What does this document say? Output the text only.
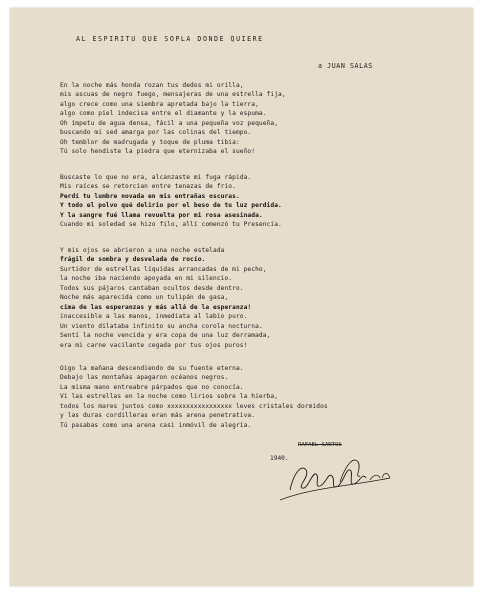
AL ESPIRITU QUE SOPLA DONDE QUIERE
a JUAN SALAS
En la noche más honda rozan tus dedos mi orilla,
mis ascuas de negro fuego, mensajeras de una estrella fija,
algo crece como una siembra apretada bajo la tierra,
algo como piel indecisa entre el diamante y la espuma.
Oh ímpetu de agua densa, fácil a una pequeña voz pequeña,
buscando mi sed amarga por las colinas del tiempo.
Oh temblor de madrugada y toque de pluma tibia:
Tú solo hendiste la piedra que eternizaba el sueño!
Buscaste lo que no era, alcanzaste mi fuga rápida.
Mis raíces se retorcían entre tenazas de frío.
Perdí tu lumbre novada en mis entrañas oscuras.
Y todo el polvo qué delirio por el beso de tu luz perdida.
Y la sangre fué llama revuelta por mi rosa asesinada.
Cuando mi soledad se hizo filo, allí comenzó tu Presencia.
Y mis ojos se abrieron a una noche estelada
frágil de sombra y desvelada de rocío.
Surtidor de estrellas líquidas arrancadas de mi pecho,
la noche iba naciendo apoyada en mi silencio.
Todos sus pájaros cantaban ocultos desde dentro.
Noche más aparecida como un tulipán de gasa,
cima de las esperanzas y más allá de la esperanza!
inaccesible a las manos, inmediata al labio puro.
Un viento dilataba infinito su ancha corola nocturna.
Sentí la noche vencida y era copa de una luz derramada,
era mi carne vacilante cegada por tus ojos puros!
Oigo la mañana descendiendo de su fuente eterna.
Debajo las montañas apagaron océanos negros.
La misma mano entreabre párpados que no conocía.
Vi las estrellas en la noche como lirios sobre la hierba,
todos los mares juntos como xxxxxxxxxxxxxxxxx leves cristales dormidos
y las duras cordilleras eran más arena penetrativa.
Tú pasabas como una arena casi inmóvil de alegría.
RAFAEL SANTOS
1940.
